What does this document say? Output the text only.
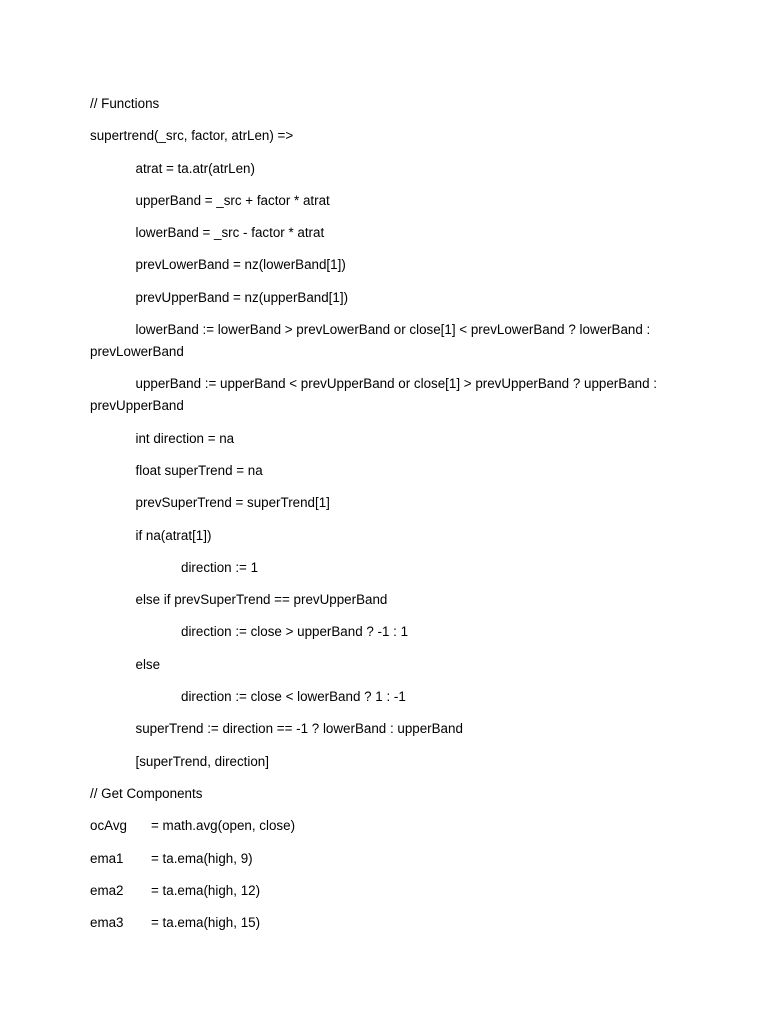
// Functions

supertrend(_src, factor, atrLen) =>

atrat = ta.atr(atrLen)

upperBand = _src + factor * atrat

lowerBand = _src - factor * atrat

prevLowerBand = nz(lowerBand[1])

prevUpperBand = nz(upperBand[1])

lowerBand := lowerBand > prevLowerBand or close[1] < prevLowerBand ? lowerBand : prevLowerBand

upperBand := upperBand < prevUpperBand or close[1] > prevUpperBand ? upperBand : prevUpperBand

int direction = na

float superTrend = na

prevSuperTrend = superTrend[1]

if na(atrat[1])

direction := 1

else if prevSuperTrend == prevUpperBand

direction := close > upperBand ? -1 : 1

else

direction := close < lowerBand ? 1 : -1

superTrend := direction == -1 ? lowerBand : upperBand

[superTrend, direction]

// Get Components

ocAvg = math.avg(open, close)

ema1 = ta.ema(high, 9)

ema2 = ta.ema(high, 12)

ema3 = ta.ema(high, 15)
